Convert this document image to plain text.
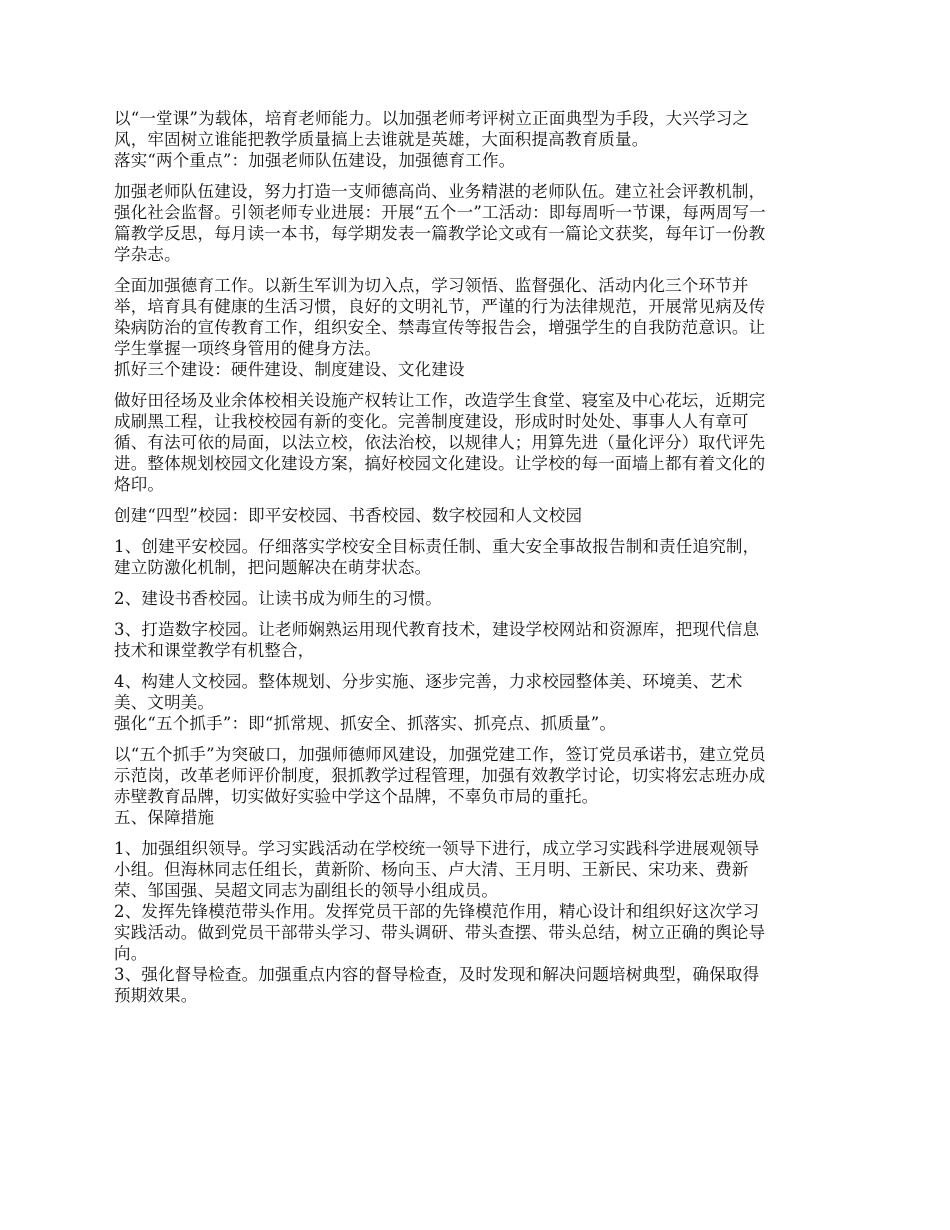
以“一堂课”为载体，培育老师能力。以加强老师考评树立正面典型为手段，大兴学习之
风，牢固树立谁能把教学质量搞上去谁就是英雄，大面积提高教育质量。

落实“两个重点”：加强老师队伍建设，加强德育工作。

加强老师队伍建设，努力打造一支师德高尚、业务精湛的老师队伍。建立社会评教机制，
强化社会监督。引领老师专业进展：开展“五个一”工活动：即每周听一节课，每两周写一
篇教学反思，每月读一本书，每学期发表一篇教学论文或有一篇论文获奖，每年订一份教
学杂志。

全面加强德育工作。以新生军训为切入点，学习领悟、监督强化、活动内化三个环节并
举，培育具有健康的生活习惯，良好的文明礼节，严谨的行为法律规范，开展常见病及传
染病防治的宣传教育工作，组织安全、禁毒宣传等报告会，增强学生的自我防范意识。让
学生掌握一项终身管用的健身方法。

抓好三个建设：硬件建设、制度建设、文化建设

做好田径场及业余体校相关设施产权转让工作，改造学生食堂、寝室及中心花坛，近期完
成刷黑工程，让我校校园有新的变化。完善制度建设，形成时时处处、事事人人有章可
循、有法可依的局面，以法立校，依法治校，以规律人；用算先进（量化评分）取代评先
进。整体规划校园文化建设方案，搞好校园文化建设。让学校的每一面墙上都有着文化的
烙印。

创建“四型”校园：即平安校园、书香校园、数字校园和人文校园

1、创建平安校园。仔细落实学校安全目标责任制、重大安全事故报告制和责任追究制，
建立防激化机制，把问题解决在萌芽状态。

2、建设书香校园。让读书成为师生的习惯。

3、打造数字校园。让老师娴熟运用现代教育技术，建设学校网站和资源库，把现代信息
技术和课堂教学有机整合，

4、构建人文校园。整体规划、分步实施、逐步完善，力求校园整体美、环境美、艺术
美、文明美。

强化“五个抓手”：即“抓常规、抓安全、抓落实、抓亮点、抓质量”。

以“五个抓手”为突破口，加强师德师风建设，加强党建工作，签订党员承诺书，建立党员
示范岗，改革老师评价制度，狠抓教学过程管理，加强有效教学讨论，切实将宏志班办成
赤壁教育品牌，切实做好实验中学这个品牌，不辜负市局的重托。

五、保障措施

1、加强组织领导。学习实践活动在学校统一领导下进行，成立学习实践科学进展观领导
小组。但海林同志任组长，黄新阶、杨向玉、卢大清、王月明、王新民、宋功来、费新
荣、邹国强、吴超文同志为副组长的领导小组成员。

2、发挥先锋模范带头作用。发挥党员干部的先锋模范作用，精心设计和组织好这次学习
实践活动。做到党员干部带头学习、带头调研、带头查摆、带头总结，树立正确的舆论导
向。

3、强化督导检查。加强重点内容的督导检查，及时发现和解决问题培树典型，确保取得
预期效果。
